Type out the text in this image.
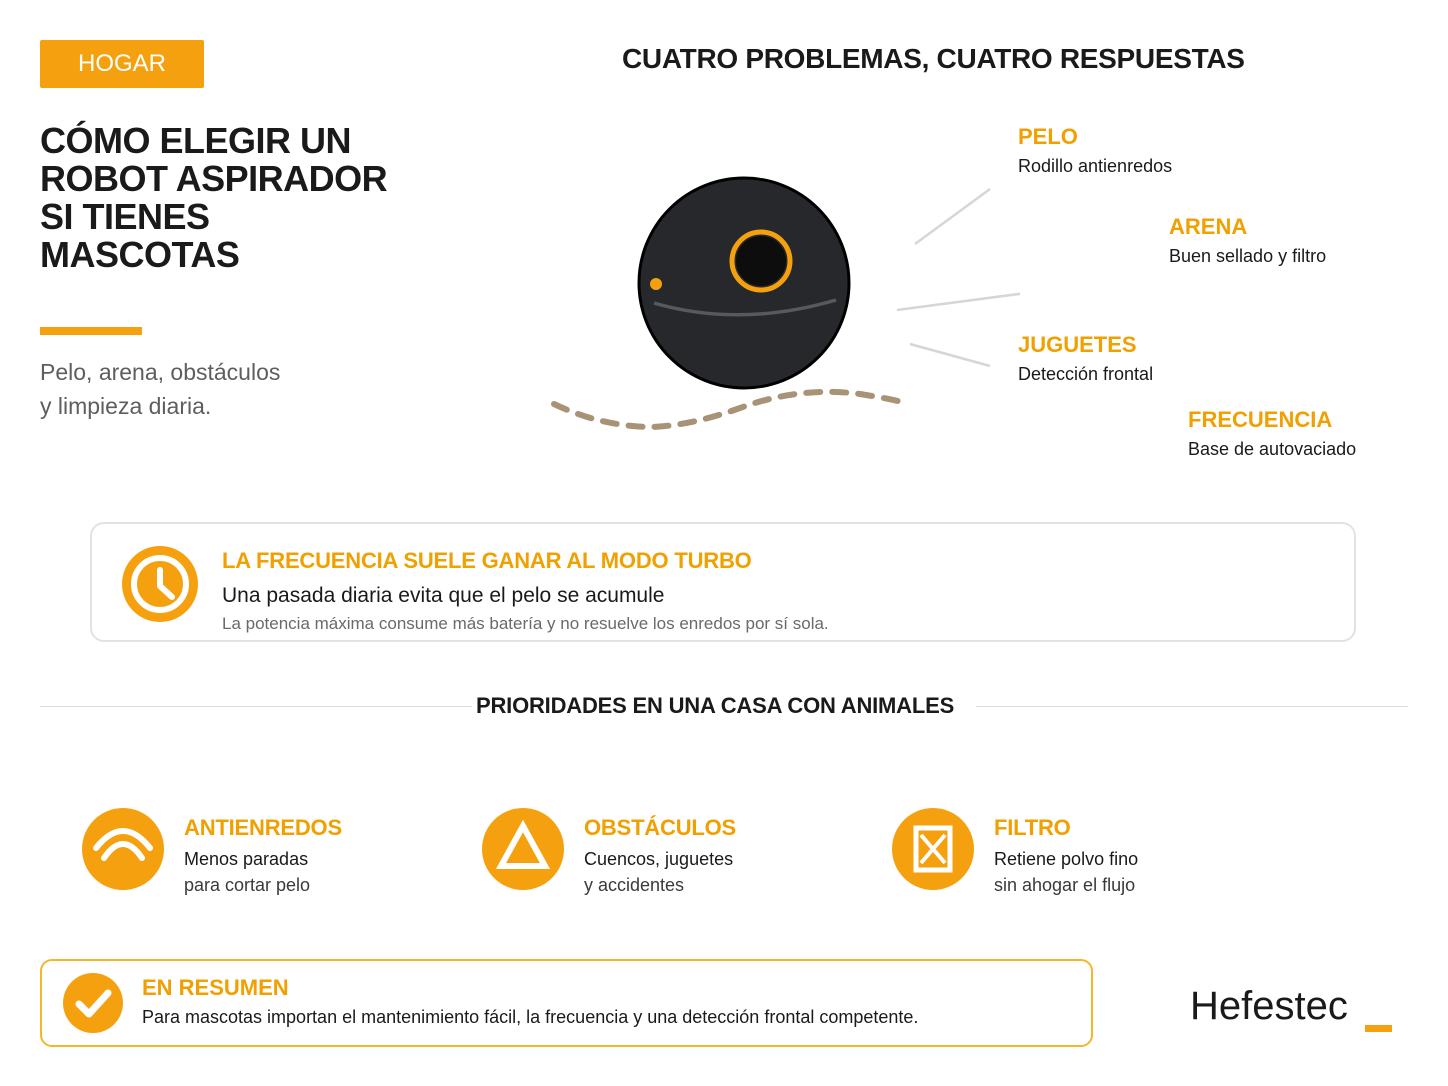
HOGAR
CÓMO ELEGIR UN
ROBOT ASPIRADOR
SI TIENES
MASCOTAS
Pelo, arena, obstáculos
y limpieza diaria.
CUATRO PROBLEMAS, CUATRO RESPUESTAS
PELO
Rodillo antienredos
ARENA
Buen sellado y filtro
JUGUETES
Detección frontal
FRECUENCIA
Base de autovaciado
LA FRECUENCIA SUELE GANAR AL MODO TURBO
Una pasada diaria evita que el pelo se acumule
La potencia máxima consume más batería y no resuelve los enredos por sí sola.
PRIORIDADES EN UNA CASA CON ANIMALES
ANTIENREDOS
Menos paradas
para cortar pelo
OBSTÁCULOS
Cuencos, juguetes
y accidentes
FILTRO
Retiene polvo fino
sin ahogar el flujo
EN RESUMEN
Para mascotas importan el mantenimiento fácil, la frecuencia y una detección frontal competente.	Hefestec
